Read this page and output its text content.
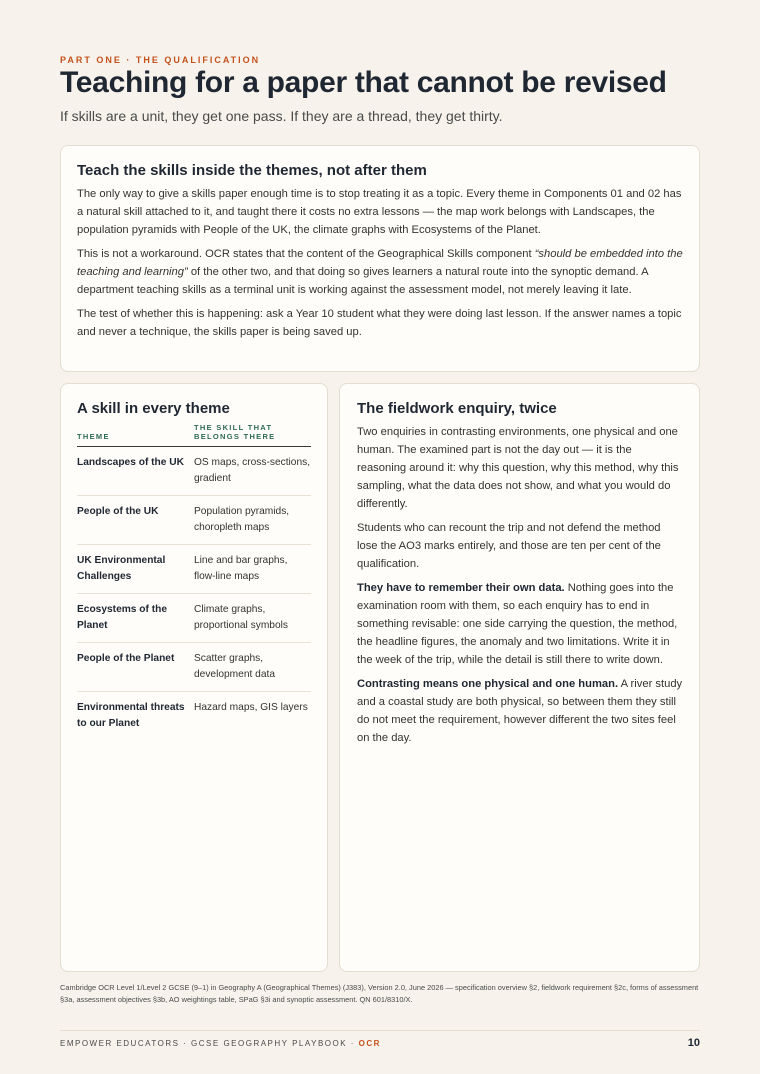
PART ONE · THE QUALIFICATION
Teaching for a paper that cannot be revised
If skills are a unit, they get one pass. If they are a thread, they get thirty.
Teach the skills inside the themes, not after them

The only way to give a skills paper enough time is to stop treating it as a topic. Every theme in Components 01 and 02 has a natural skill attached to it, and taught there it costs no extra lessons — the map work belongs with Landscapes, the population pyramids with People of the UK, the climate graphs with Ecosystems of the Planet.

This is not a workaround. OCR states that the content of the Geographical Skills component “should be embedded into the teaching and learning” of the other two, and that doing so gives learners a natural route into the synoptic demand. A department teaching skills as a terminal unit is working against the assessment model, not merely leaving it late.

The test of whether this is happening: ask a Year 10 student what they were doing last lesson. If the answer names a topic and never a technique, the skills paper is being saved up.

A skill in every theme
THEME	THE SKILL THAT BELONGS THERE
Landscapes of the UK	OS maps, cross-sections, gradient
People of the UK	Population pyramids, choropleth maps
UK Environmental Challenges	Line and bar graphs, flow-line maps
Ecosystems of the Planet	Climate graphs, proportional symbols
People of the Planet	Scatter graphs, development data
Environmental threats to our Planet	Hazard maps, GIS layers
The fieldwork enquiry, twice

Two enquiries in contrasting environments, one physical and one human. The examined part is not the day out — it is the reasoning around it: why this question, why this method, why this sampling, what the data does not show, and what you would do differently.

Students who can recount the trip and not defend the method lose the AO3 marks entirely, and those are ten per cent of the qualification.

They have to remember their own data. Nothing goes into the examination room with them, so each enquiry has to end in something revisable: one side carrying the question, the method, the headline figures, the anomaly and two limitations. Write it in the week of the trip, while the detail is still there to write down.

Contrasting means one physical and one human. A river study and a coastal study are both physical, so between them they still do not meet the requirement, however different the two sites feel on the day.

Cambridge OCR Level 1/Level 2 GCSE (9–1) in Geography A (Geographical Themes) (J383), Version 2.0, June 2026 — specification overview §2, fieldwork requirement §2c, forms of assessment §3a, assessment objectives §3b, AO weightings table, SPaG §3i and synoptic assessment. QN 601/8310/X.
EMPOWER EDUCATORS · GCSE GEOGRAPHY PLAYBOOK · OCR	10
